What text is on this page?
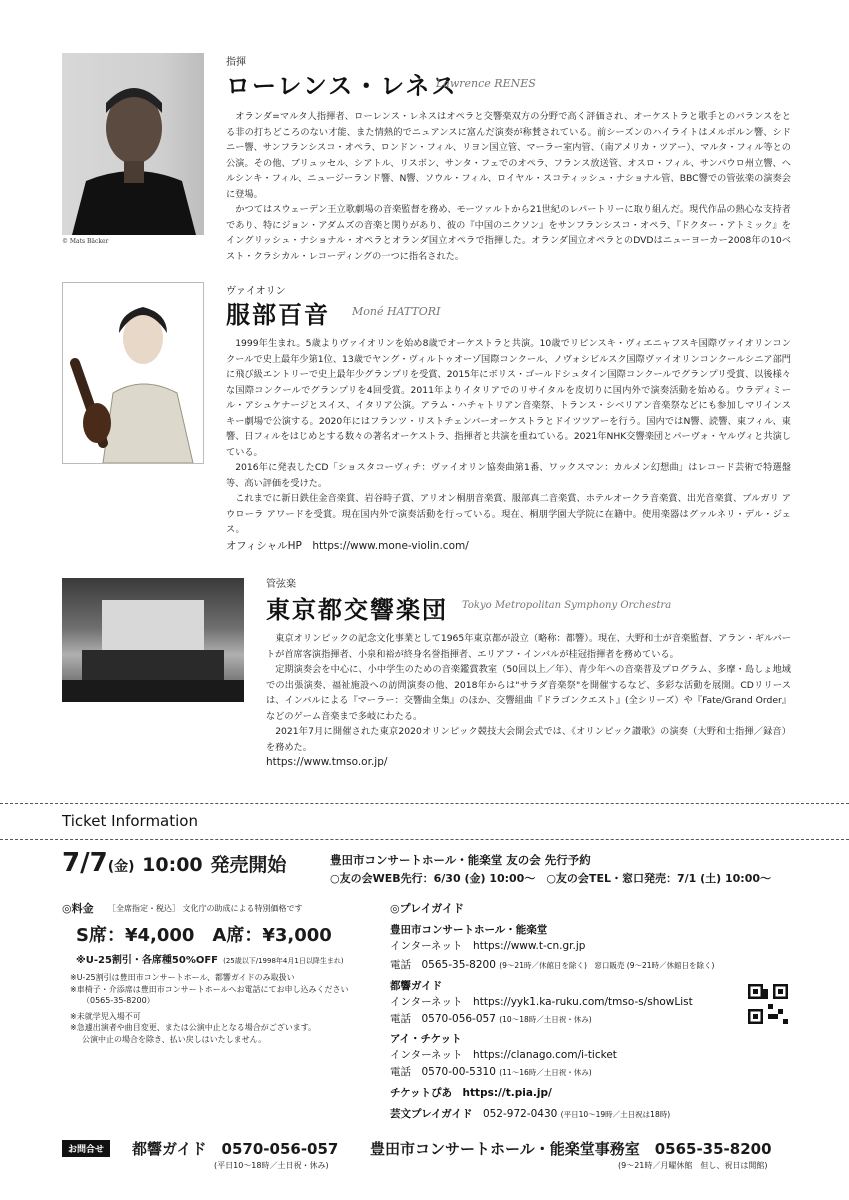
© Mats Bäcker
指揮
ローレンス・レネス
Lawrence RENES

オランダ=マルタ人指揮者、ローレンス・レネスはオペラと交響楽双方の分野で高く評価され、オーケストラと歌手とのバランスをとる非の打ちどころのない才能、また情熱的でニュアンスに富んだ演奏が称賛されている。前シーズンのハイライトはメルボルン響、シドニー響、サンフランシスコ・オペラ、ロンドン・フィル、リヨン国立管、マーラー室内管、（南アメリカ・ツアー）、マルタ・フィル等との公演。その他、ブリュッセル、シアトル、リスボン、サンタ・フェでのオペラ、フランス放送管、オスロ・フィル、サンパウロ州立響、ヘルシンキ・フィル、ニュージーランド響、N響、ソウル・フィル、ロイヤル・スコティッシュ・ナショナル管、BBC響での管弦楽の演奏会に登場。

かつてはスウェーデン王立歌劇場の音楽監督を務め、モーツァルトから21世紀のレパートリーに取り組んだ。現代作品の熱心な支持者であり、特にジョン・アダムズの音楽と関りがあり、彼の『中国のニクソン』をサンフランシスコ・オペラ、『ドクター・アトミック』をイングリッシュ・ナショナル・オペラとオランダ国立オペラで指揮した。オランダ国立オペラとのDVDはニューヨーカー2008年の10ベスト・クラシカル・レコーディングの一つに指名された。

ヴァイオリン
服部百音 Moné HATTORI

1999年生まれ。5歳よりヴァイオリンを始め8歳でオーケストラと共演。10歳でリピンスキ・ヴィエニャフスキ国際ヴァイオリンコンクールで史上最年少第1位、13歳でヤング・ヴィルトゥオーゾ国際コンクール、ノヴォシビルスク国際ヴァイオリンコンクールシニア部門に飛び級エントリーで史上最年少グランプリを受賞、2015年にボリス・ゴールドシュタイン国際コンクールでグランプリ受賞、以後様々な国際コンクールでグランプリを4回受賞。2011年よりイタリアでのリサイタルを皮切りに国内外で演奏活動を始める。ウラディミール・アシュケナージとスイス、イタリア公演。アラム・ハチャトリアン音楽祭、トランス・シベリアン音楽祭などにも参加しマリインスキー劇場で公演する。2020年にはフランツ・リストチェンバーオーケストラとドイツツアーを行う。国内ではN響、読響、東フィル、東響、日フィルをはじめとする数々の著名オーケストラ、指揮者と共演を重ねている。2021年NHK交響楽団とパーヴォ・ヤルヴィと共演している。

2016年に発表したCD「ショスタコーヴィチ：ヴァイオリン協奏曲第1番、ワックスマン：カルメン幻想曲」はレコード芸術で特選盤等、高い評価を受けた。

これまでに新日鉄住金音楽賞、岩谷時子賞、アリオン桐朋音楽賞、服部真二音楽賞、ホテルオークラ音楽賞、出光音楽賞、ブルガリ アウローラ アワードを受賞。現在国内外で演奏活動を行っている。現在、桐朋学園大学院に在籍中。使用楽器はグァルネリ・デル・ジェス。

オフィシャルHP　https://www.mone-violin.com/
管弦楽
東京都交響楽団 Tokyo Metropolitan Symphony Orchestra

東京オリンピックの記念文化事業として1965年東京都が設立（略称：都響）。現在、大野和士が音楽監督、アラン・ギルバートが首席客演指揮者、小泉和裕が終身名誉指揮者、エリアフ・インバルが桂冠指揮者を務めている。

定期演奏会を中心に、小中学生のための音楽鑑賞教室（50回以上／年）、青少年への音楽普及プログラム、多摩・島しょ地域での出張演奏、福祉施設への訪問演奏の他、2018年からは"サラダ音楽祭"を開催するなど、多彩な活動を展開。CDリリースは、インバルによる『マーラー：交響曲全集』のほか、交響組曲『ドラゴンクエスト』(全シリーズ）や『Fate/Grand Order』などのゲーム音楽まで多岐にわたる。

2021年7月に開催された東京2020オリンピック競技大会開会式では、《オリンピック讃歌》の演奏（大野和士指揮／録音）を務めた。

https://www.tmso.or.jp/
Ticket Information
7/7(金) 10:00 発売開始	豊田市コンサートホール・能楽堂 友の会 先行予約
○友の会WEB先行：6/30 (金) 10:00〜　○友の会TEL・窓口発売：7/1 (土) 10:00〜
◎料金 ［全席指定・税込］ 文化庁の助成による特別価格です
S席：¥4,000　A席：¥3,000
※U-25割引・各席種50%OFF (25歳以下/1998年4月1日以降生まれ)
※U-25割引は豊田市コンサートホール、都響ガイドのみ取扱い
※車椅子・介添席は豊田市コンサートホールへお電話にてお申し込みください
（0565-35-8200）
※未就学児入場不可
※急遽出演者や曲目変更、または公演中止となる場合がございます。
公演中止の場合を除き、払い戻しはいたしません。
◎プレイガイド
豊田市コンサートホール・能楽堂
インターネット　https://www.t-cn.gr.jp
電話　0565-35-8200 (9〜21時／休館日を除く)　窓口販売 (9〜21時／休館日を除く)
都響ガイド
インターネット　https://yyk1.ka-ruku.com/tmso-s/showList
電話　0570-056-057 (10〜18時／土日祝・休み)
アイ・チケット
インターネット　https://clanago.com/i-ticket
電話　0570-00-5310 (11〜16時／土日祝・休み)
チケットぴあ　https://t.pia.jp/
芸文プレイガイド　 052-972-0430 (平日10〜19時／土日祝は18時)
お問合せ	都響ガイド　0570-056-057
(平日10〜18時／土日祝・休み)
豊田市コンサートホール・能楽堂事務室　0565-35-8200
(9〜21時／月曜休館　但し、祝日は開館)
